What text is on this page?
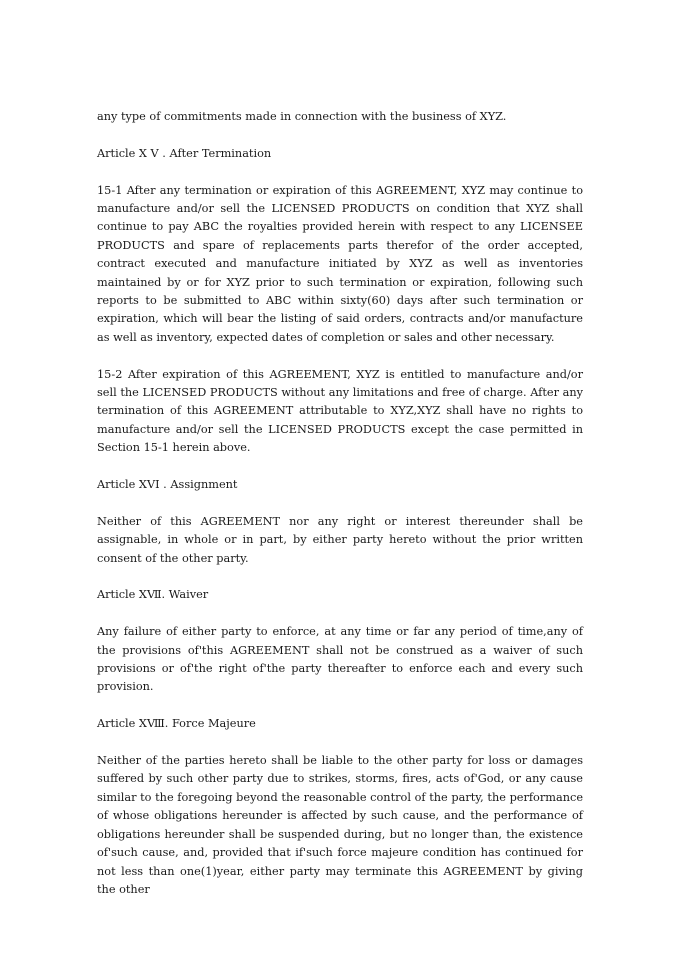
any type of commitments made in connection with the business of XYZ.

Article Ⅹ Ⅴ . After Termination

15-1 After any termination or expiration of this AGREEMENT, XYZ may continue to manufacture and/or sell the LICENSED PRODUCTS on condition that XYZ shall continue to pay ABC the royalties provided herein with respect to any LICENSEE PRODUCTS and spare of replacements parts therefor of the order accepted, contract executed and manufacture initiated by XYZ as well as inventories maintained by or for XYZ prior to such termination or expiration, following such reports to be submitted to ABC within sixty(60) days after such termination or expiration, which will bear the listing of said orders, contracts and/or manufacture as well as inventory, expected dates of completion or sales and other necessary.

15-2 After expiration of this AGREEMENT, XYZ is entitled to manufacture and/or sell the LICENSED PRODUCTS without any limitations and free of charge. After any termination of this AGREEMENT attributable to XYZ,XYZ shall have no rights to manufacture and/or sell the LICENSED PRODUCTS except the case permitted in Section 15-1 herein above.

Article XVI . Assignment

Neither of this AGREEMENT nor any right or interest thereunder shall be assignable, in whole or in part, by either party hereto without the prior written consent of the other party.

Article XⅦ. Waiver

Any failure of either party to enforce, at any time or far any period of time,any of the provisions of'this AGREEMENT shall not be construed as a waiver of such provisions or of'the right of'the party thereafter to enforce each and every such provision.

Article XⅧ. Force Majeure

Neither of the parties hereto shall be liable to the other party for loss or damages suffered by such other party due to strikes, storms, fires, acts of'God, or any cause similar to the foregoing beyond the reasonable control of the party, the performance of whose obligations hereunder is affected by such cause, and the performance of obligations hereunder shall be suspended during, but no longer than, the existence of'such cause, and, provided that if'such force majeure condition has continued for not less than one(1)year, either party may terminate this AGREEMENT by giving the other
